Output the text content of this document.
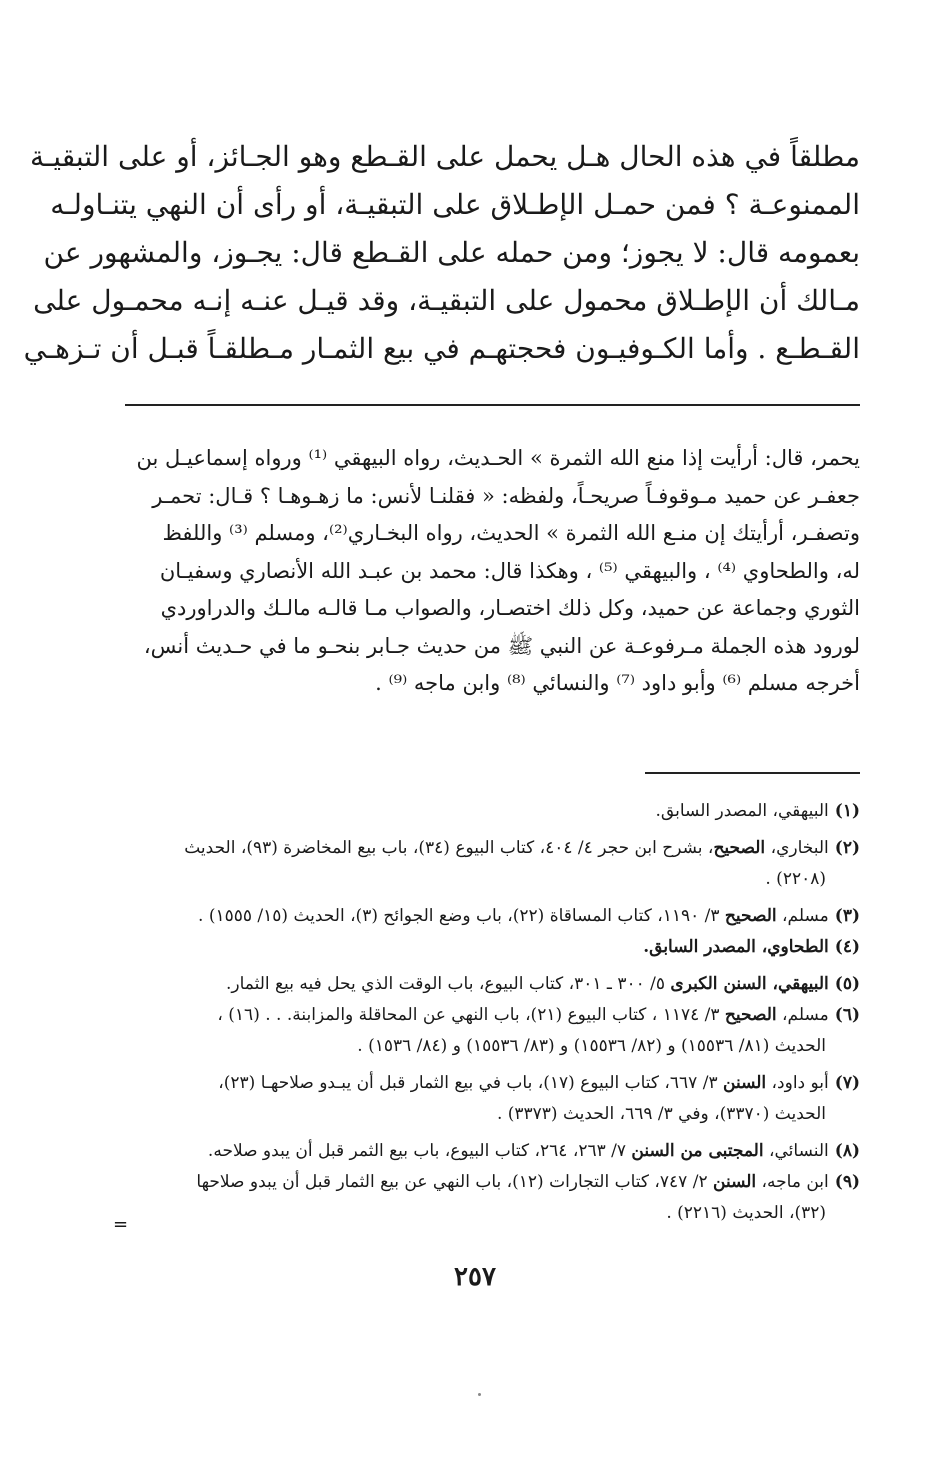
مطلقاً في هذه الحال هـل يحمل على القـطع وهو الجـائز، أو على التبقيـة
الممنوعـة ؟ فمن حمـل الإطـلاق على التبقيـة، أو رأى أن النهي يتنـاولـه
بعمومه قال: لا يجوز؛ ومن حمله على القـطع قال: يجـوز، والمشهور عن
مـالك أن الإطـلاق محمول على التبقيـة، وقد قيـل عنـه إنـه محمـول على
القـطـع . وأما الكـوفيـون فحجتهـم في بيع الثمـار مـطلقـاً قبـل أن تـزهـي
يحمر، قال: أرأيت إذا منع الله الثمرة » الحـديث، رواه البيهقي ⁽¹⁾ ورواه إسماعيـل بن
جعفـر عن حميد مـوقوفـاً صريحـاً، ولفظه: « فقلنـا لأنس: ما زهـوهـا ؟ قـال: تحمـر
وتصفـر، أرأيتك إن منـع الله الثمرة » الحديث، رواه البخـاري⁽²⁾، ومسلم ⁽³⁾ واللفظ
له، والطحاوي ⁽⁴⁾ ، والبيهقي ⁽⁵⁾ ، وهكذا قال: محمد بن عبـد الله الأنصاري وسفيـان
الثوري وجماعة عن حميد، وكل ذلك اختصـار، والصواب مـا قالـه مالـك والدراوردي
لورود هذه الجملة مـرفوعـة عن النبي ﷺ من حديث جـابر بنحـو ما في حـديث أنس،
أخرجه مسلم ⁽⁶⁾ وأبو داود ⁽⁷⁾ والنسائي ⁽⁸⁾ وابن ماجه ⁽⁹⁾ .
(١)البيهقي، المصدر السابق.
(٢)البخاري، الصحيح، بشرح ابن حجر ٤/ ٤٠٤، كتاب البيوع (٣٤)، باب بيع المخاضرة (٩٣)، الحديث
(٢٢٠٨) .
(٣)مسلم، الصحيح ٣/ ١١٩٠، كتاب المساقاة (٢٢)، باب وضع الجوائح (٣)، الحديث (١٥/ ١٥٥٥) .
(٤)الطحاوي، المصدر السابق.
(٥)البيهقي، السنن الكبرى ٥/ ٣٠٠ ـ ٣٠١، كتاب البيوع، باب الوقت الذي يحل فيه بيع الثمار.
(٦)مسلم، الصحيح ٣/ ١١٧٤ ، كتاب البيوع (٢١)، باب النهي عن المحاقلة والمزابنة. . . (١٦) ،
الحديث (٨١/ ١٥٥٣٦) و (٨٢/ ١٥٥٣٦) و (٨٣/ ١٥٥٣٦) و (٨٤/ ١٥٣٦) .
(٧)أبو داود، السنن ٣/ ٦٦٧، كتاب البيوع (١٧)، باب في بيع الثمار قبل أن يبـدو صلاحهـا (٢٣)،
الحديث (٣٣٧٠)، وفي ٣/ ٦٦٩، الحديث (٣٣٧٣) .
(٨)النسائي، المجتبى من السنن ٧/ ٢٦٣، ٢٦٤، كتاب البيوع، باب بيع الثمر قبل أن يبدو صلاحه.
(٩)ابن ماجه، السنن ٢/ ٧٤٧، كتاب التجارات (١٢)، باب النهي عن بيع الثمار قبل أن يبدو صلاحها
(٣٢)، الحديث (٢٢١٦) .
=
٢٥٧
